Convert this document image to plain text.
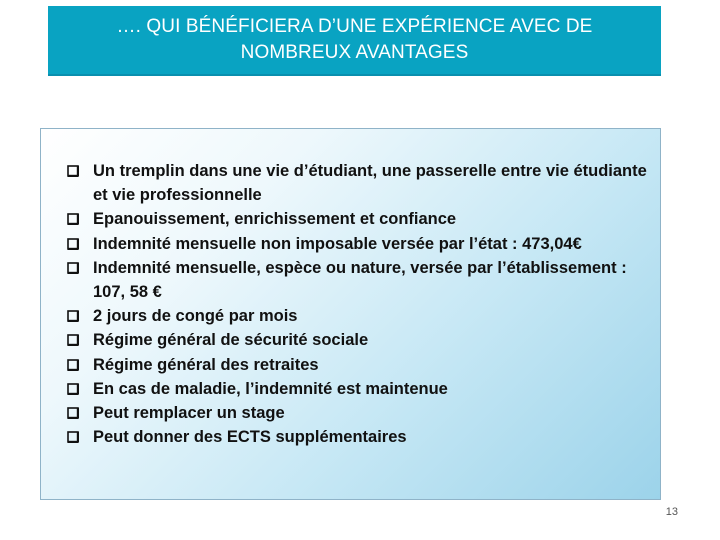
…. QUI BÉNÉFICIERA D’UNE EXPÉRIENCE AVEC DE NOMBREUX AVANTAGES
Un tremplin dans une vie d’étudiant, une passerelle entre vie étudiante et vie professionnelle
Epanouissement, enrichissement et confiance
Indemnité mensuelle non imposable versée par l’état : 473,04€
Indemnité mensuelle, espèce ou nature, versée par l’établissement : 107, 58 €
2 jours de congé par mois
Régime général de sécurité sociale
Régime général des retraites
En cas de maladie, l’indemnité est maintenue
Peut remplacer un stage
Peut donner des ECTS supplémentaires
13
